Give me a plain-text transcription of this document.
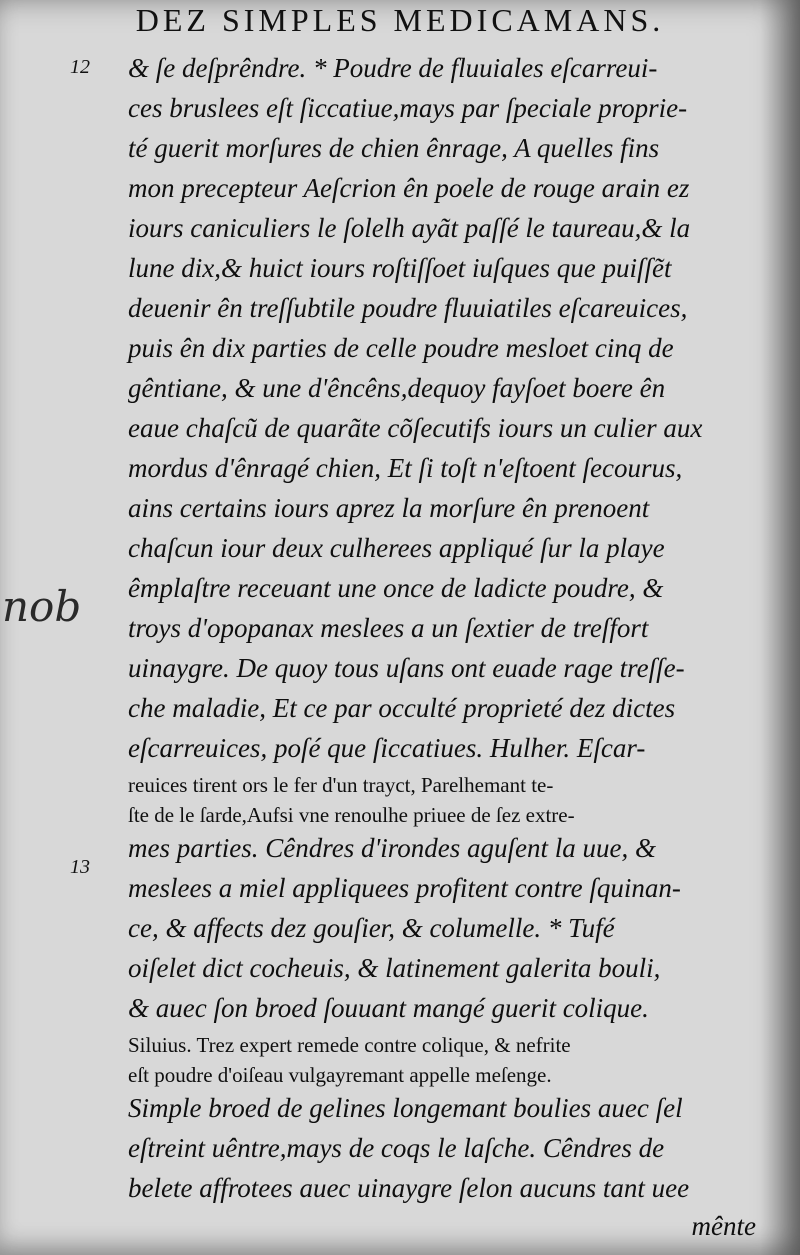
DEZ SIMPLES MEDICAMANS.
12
13
nob
& ſe deſprêndre. * Poudre de fluuiales eſcarreui-
ces bruslees eſt ſiccatiue,mays par ſpeciale proprie-
té guerit morſures de chien ênrage, A quelles fins
mon precepteur Aeſcrion ên poele de rouge arain ez
iours caniculiers le ſolelh ayãt paſſé le taureau,& la
lune dix,& huict iours roſtiſſoet iuſques que puiſſẽt
deuenir ên treſſubtile poudre fluuiatiles eſcareuices,
puis ên dix parties de celle poudre mesloet cinq de
gêntiane, & une d'êncêns,dequoy fayſoet boere ên
eaue chaſcũ de quarãte cõſecutifs iours un culier aux
mordus d'ênragé chien, Et ſi toſt n'eſtoent ſecourus,
ains certains iours aprez la morſure ên prenoent
chaſcun iour deux culherees appliqué ſur la playe
êmplaſtre receuant une once de ladicte poudre, &
troys d'opopanax meslees a un ſextier de treſfort
uinaygre. De quoy tous uſans ont euade rage treſſe-
che maladie, Et ce par occulté proprieté dez dictes
eſcarreuices, poſé que ſiccatiues. Hulher. Eſcar-
reuices tirent ors le fer d'un trayct, Parelhemant te-
ſte de le ſarde,Aufsi vne renoulhe priuee de ſez extre-
mes parties. Cêndres d'irondes aguſent la uue, &
meslees a miel appliquees profitent contre ſquinan-
ce, & affects dez gouſier, & columelle. * Tufé
oiſelet dict cocheuis, & latinement galerita bouli,
& auec ſon broed ſouuant mangé guerit colique.
Siluius. Trez expert remede contre colique, & nefrite
eſt poudre d'oiſeau vulgayremant appelle meſenge.
Simple broed de gelines longemant boulies auec ſel
eſtreint uêntre,mays de coqs le laſche. Cêndres de
belete affrotees auec uinaygre ſelon aucuns tant uee
mênte
